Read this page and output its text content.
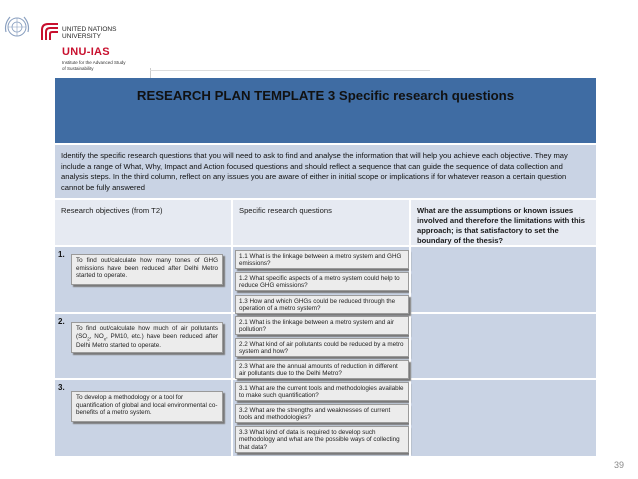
UNITED NATIONS
UNIVERSITY
UNU-IAS
Institute for the Advanced Study
of Sustainability
RESEARCH PLAN TEMPLATE 3 Specific research questions
Identify the specific research questions that you will need to ask to find and analyse the information that will help you achieve each objective. They may include a range of What, Why, Impact and Action focused questions and should reflect a sequence that can guide the sequence of data collection and analysis steps. In the third column, reflect on any issues you are aware of either in initial scope or implications if for whatever reason a certain question cannot be fully answered
Research objectives (from T2)	Specific research questions	What are the assumptions or known issues involved and therefore the limitations with this approach; is that satisfactory to set the boundary of the thesis?
1.
To find out/calculate how many tones of GHG emissions have been reduced after Delhi Metro started to operate.
1.1 What is the linkage between a metro system and GHG emissions?
1.2 What specific aspects of a metro system could help to reduce GHG emissions?
1.3 How and which GHGs could be reduced through the operation of a metro system?
2.
To find out/calculate how much of air pollutants ($SO_2$, $NO_x$, PM10, etc.) have been reduced after Delhi Metro started to operate.
2.1 What is the linkage between a metro system and air pollution?
2.2 What kind of air pollutants could be reduced by a metro system and how?
2.3 What are the annual amounts of reduction in different air pollutants due to the Delhi Metro?
3.
To develop a methodology or a tool for quantification of global and local environmental co-benefits of a metro system.
3.1 What are the current tools and methodologies available to make such quantification?
3.2 What are the strengths and weaknesses of current tools and methodologies?
3.3 What kind of data is required to develop such methodology and what are the possible ways of collecting that data?
39
